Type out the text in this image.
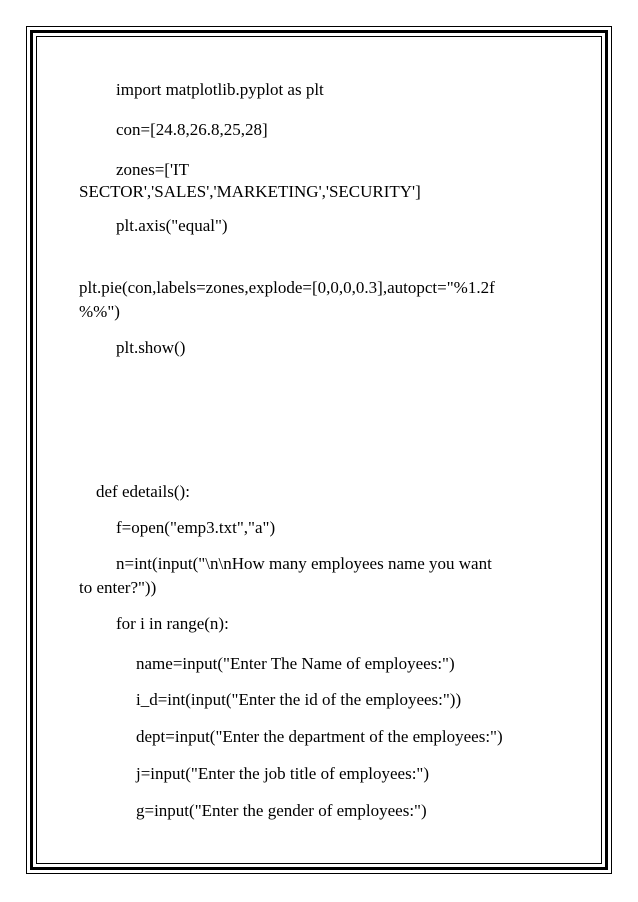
import matplotlib.pyplot as plt
con=[24.8,26.8,25,28]
zones=['IT
SECTOR','SALES','MARKETING','SECURITY']
plt.axis("equal")
plt.pie(con,labels=zones,explode=[0,0,0,0.3],autopct="%1.2f
%%")
plt.show()
def edetails():
f=open("emp3.txt","a")
n=int(input("\n\nHow many employees name you want
to enter?"))
for i in range(n):
name=input("Enter The Name of employees:")
i_d=int(input("Enter the id of the employees:"))
dept=input("Enter the department of the employees:")
j=input("Enter the job title of employees:")
g=input("Enter the gender of employees:")
